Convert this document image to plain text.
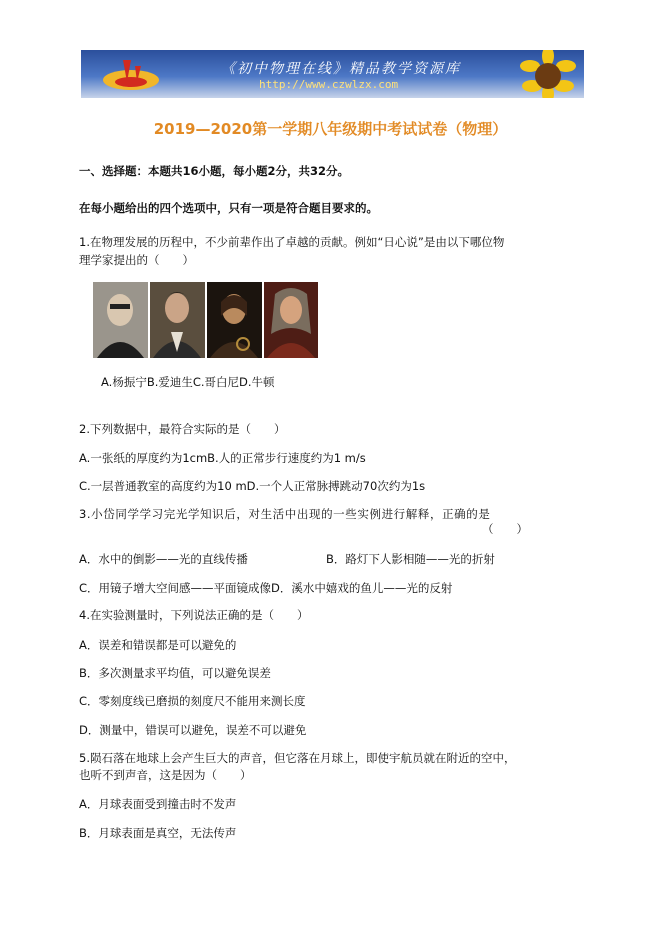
《初中物理在线》精品教学资源库
http://www.czwlzx.com
2019—2020第一学期八年级期中考试试卷（物理）
一、选择题：本题共16小题，每小题2分，共32分。
在每小题给出的四个选项中，只有一项是符合题目要求的。
1.在物理发展的历程中，不少前辈作出了卓越的贡献。例如“日心说”是由以下哪位物
理学家提出的（　　）
A.杨振宁B.爱迪生C.哥白尼D.牛顿
2.下列数据中，最符合实际的是（　　）
A.一张纸的厚度约为1cmB.人的正常步行速度约为1 m/s
C.一层普通教室的高度约为10 mD.一个人正常脉搏跳动70次约为1s
3.小岱同学学习完光学知识后，对生活中出现的一些实例进行解释，正确的是
（　　）
A．水中的倒影——光的直线传播	B．路灯下人影相随——光的折射
C．用镜子增大空间感——平面镜成像D．溪水中嬉戏的鱼儿——光的反射
4.在实验测量时，下列说法正确的是（　　）
A．误差和错误都是可以避免的
B．多次测量求平均值，可以避免误差
C．零刻度线已磨损的刻度尺不能用来测长度
D．测量中，错误可以避免，误差不可以避免
5.陨石落在地球上会产生巨大的声音，但它落在月球上，即使宇航员就在附近的空中，
也听不到声音，这是因为（　　）
A．月球表面受到撞击时不发声
B．月球表面是真空，无法传声
